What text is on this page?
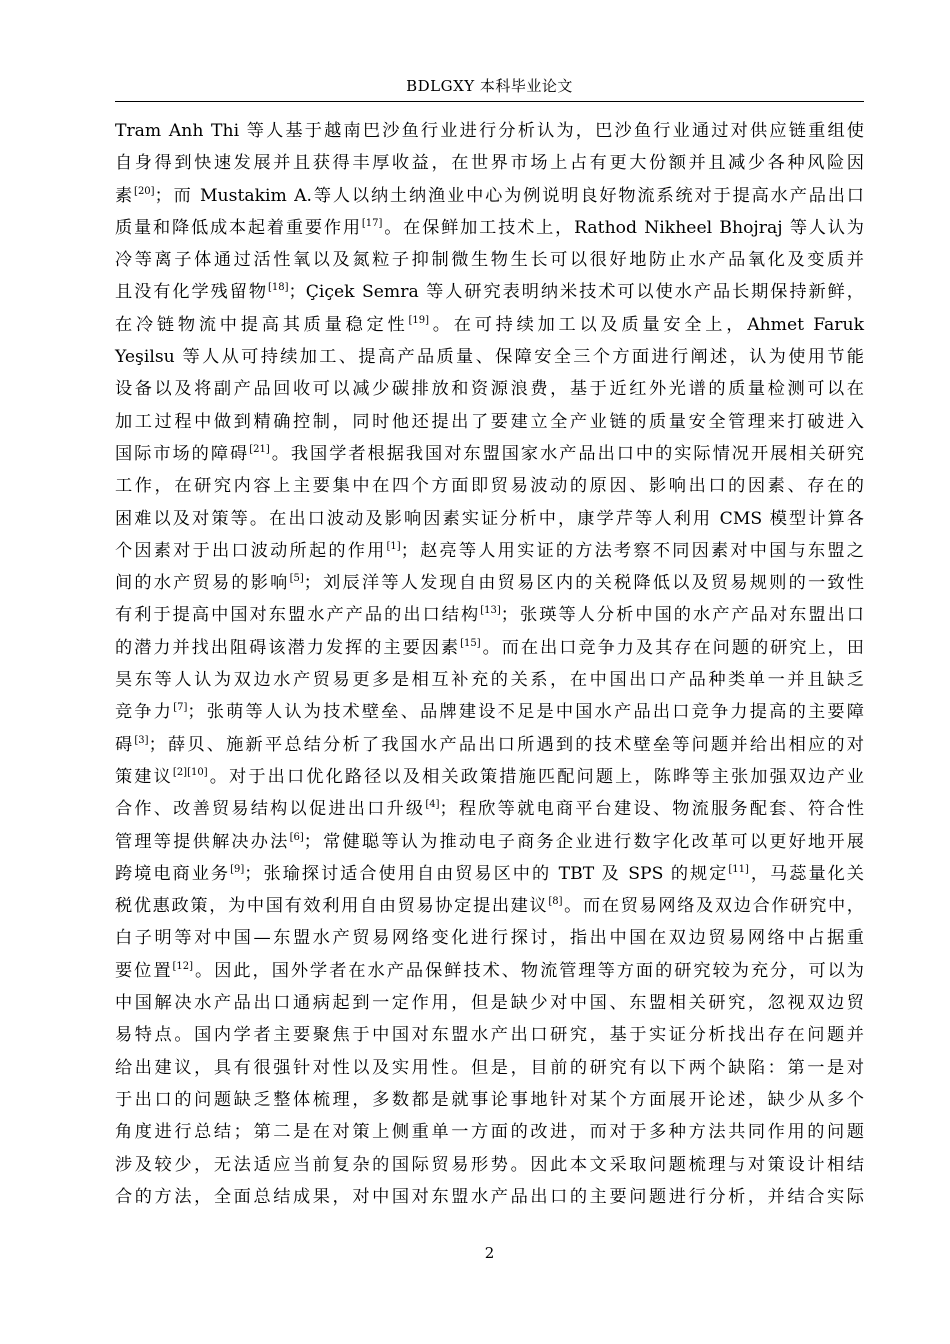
BDLGXY 本科毕业论文
Tram Anh Thi 等人基于越南巴沙鱼行业进行分析认为，巴沙鱼行业通过对供应链重组使
自身得到快速发展并且获得丰厚收益，在世界市场上占有更大份额并且减少各种风险因
素[20]；而 Mustakim A.等人以纳土纳渔业中心为例说明良好物流系统对于提高水产品出口
质量和降低成本起着重要作用[17]。在保鲜加工技术上，Rathod Nikheel Bhojraj 等人认为
冷等离子体通过活性氧以及氮粒子抑制微生物生长可以很好地防止水产品氧化及变质并
且没有化学残留物[18]；Çiçek Semra 等人研究表明纳米技术可以使水产品长期保持新鲜，
在冷链物流中提高其质量稳定性[19]。在可持续加工以及质量安全上，Ahmet Faruk
Yeşilsu 等人从可持续加工、提高产品质量、保障安全三个方面进行阐述，认为使用节能
设备以及将副产品回收可以减少碳排放和资源浪费，基于近红外光谱的质量检测可以在
加工过程中做到精确控制，同时他还提出了要建立全产业链的质量安全管理来打破进入
国际市场的障碍[21]。我国学者根据我国对东盟国家水产品出口中的实际情况开展相关研究
工作，在研究内容上主要集中在四个方面即贸易波动的原因、影响出口的因素、存在的
困难以及对策等。在出口波动及影响因素实证分析中，康学芹等人利用 CMS 模型计算各
个因素对于出口波动所起的作用[1]；赵亮等人用实证的方法考察不同因素对中国与东盟之
间的水产贸易的影响[5]；刘辰洋等人发现自由贸易区内的关税降低以及贸易规则的一致性
有利于提高中国对东盟水产产品的出口结构[13]；张瑛等人分析中国的水产产品对东盟出口
的潜力并找出阻碍该潜力发挥的主要因素[15]。而在出口竞争力及其存在问题的研究上，田
昊东等人认为双边水产贸易更多是相互补充的关系，在中国出口产品种类单一并且缺乏
竞争力[7]；张萌等人认为技术壁垒、品牌建设不足是中国水产品出口竞争力提高的主要障
碍[3]；薛贝、施新平总结分析了我国水产品出口所遇到的技术壁垒等问题并给出相应的对
策建议[2][10]。对于出口优化路径以及相关政策措施匹配问题上，陈晔等主张加强双边产业
合作、改善贸易结构以促进出口升级[4]；程欣等就电商平台建设、物流服务配套、符合性
管理等提供解决办法[6]；常健聪等认为推动电子商务企业进行数字化改革可以更好地开展
跨境电商业务[9]；张瑜探讨适合使用自由贸易区中的 TBT 及 SPS 的规定[11]，马蕊量化关
税优惠政策，为中国有效利用自由贸易协定提出建议[8]。而在贸易网络及双边合作研究中，
白子明等对中国—东盟水产贸易网络变化进行探讨，指出中国在双边贸易网络中占据重
要位置[12]。因此，国外学者在水产品保鲜技术、物流管理等方面的研究较为充分，可以为
中国解决水产品出口通病起到一定作用，但是缺少对中国、东盟相关研究，忽视双边贸
易特点。国内学者主要聚焦于中国对东盟水产出口研究，基于实证分析找出存在问题并
给出建议，具有很强针对性以及实用性。但是，目前的研究有以下两个缺陷：第一是对
于出口的问题缺乏整体梳理，多数都是就事论事地针对某个方面展开论述，缺少从多个
角度进行总结；第二是在对策上侧重单一方面的改进，而对于多种方法共同作用的问题
涉及较少，无法适应当前复杂的国际贸易形势。因此本文采取问题梳理与对策设计相结
合的方法，全面总结成果，对中国对东盟水产品出口的主要问题进行分析，并结合实际
2
